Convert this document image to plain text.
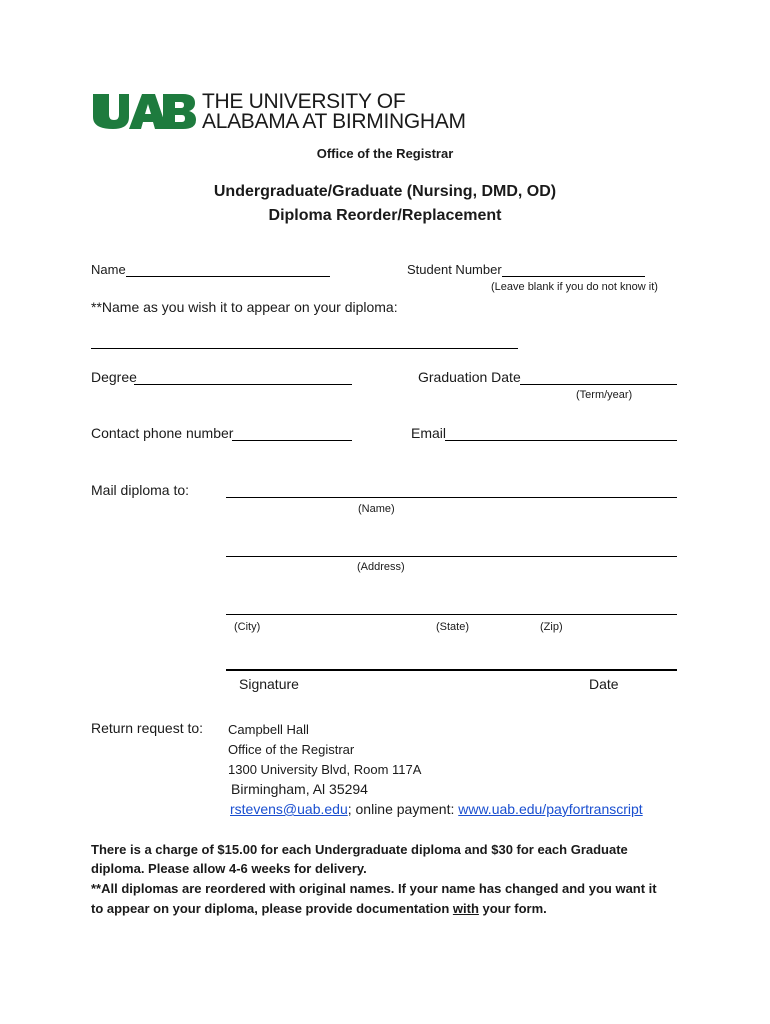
THE UNIVERSITY OF
ALABAMA AT BIRMINGHAM
Office of the Registrar
Undergraduate/Graduate (Nursing, DMD, OD)
Diploma Reorder/Replacement
Name	Student Number
(Leave blank if you do not know it)
**Name as you wish it to appear on your diploma:
Degree	Graduation Date
(Term/year)
Contact phone number	Email
Mail diploma to:
(Name)
(Address)
(City)	(State)	(Zip)
Signature	Date
Return request to: Campbell Hall
Office of the Registrar
1300 University Blvd, Room 117A
Birmingham, Al 35294
rstevens@uab.edu; online payment: www.uab.edu/payfortranscript
There is a charge of $15.00 for each Undergraduate diploma and $30 for each Graduate
diploma. Please allow 4-6 weeks for delivery.
**All diplomas are reordered with original names. If your name has changed and you want it
to appear on your diploma, please provide documentation with your form.
